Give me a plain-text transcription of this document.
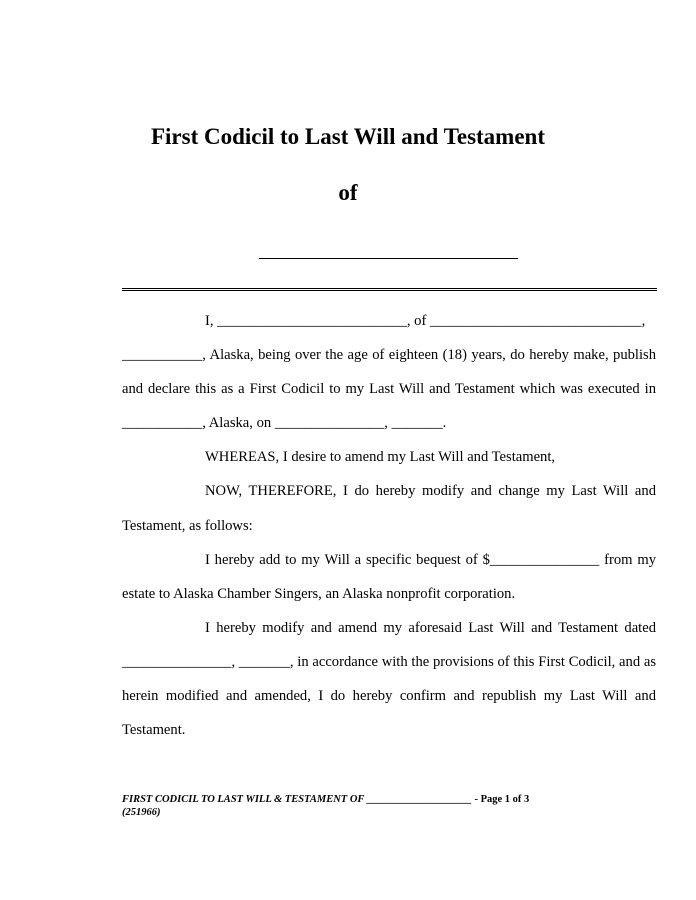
First Codicil to Last Will and Testament
of

I, __________________________, of _____________________________,

___________, Alaska, being over the age of eighteen (18) years, do hereby make, publish and declare this as a First Codicil to my Last Will and Testament which was executed in ___________, Alaska, on _______________, _______.

WHEREAS, I desire to amend my Last Will and Testament,

NOW, THEREFORE, I do hereby modify and change my Last Will and Testament, as follows:

I hereby add to my Will a specific bequest of $_______________ from my estate to Alaska Chamber Singers, an Alaska nonprofit corporation.

I hereby modify and amend my aforesaid Last Will and Testament dated _______________, _______, in accordance with the provisions of this First Codicil, and as herein modified and amended, I do hereby confirm and republish my Last Will and Testament.

FIRST CODICIL TO LAST WILL & TESTAMENT OF ____________________ - Page 1 of 3
(251966)
